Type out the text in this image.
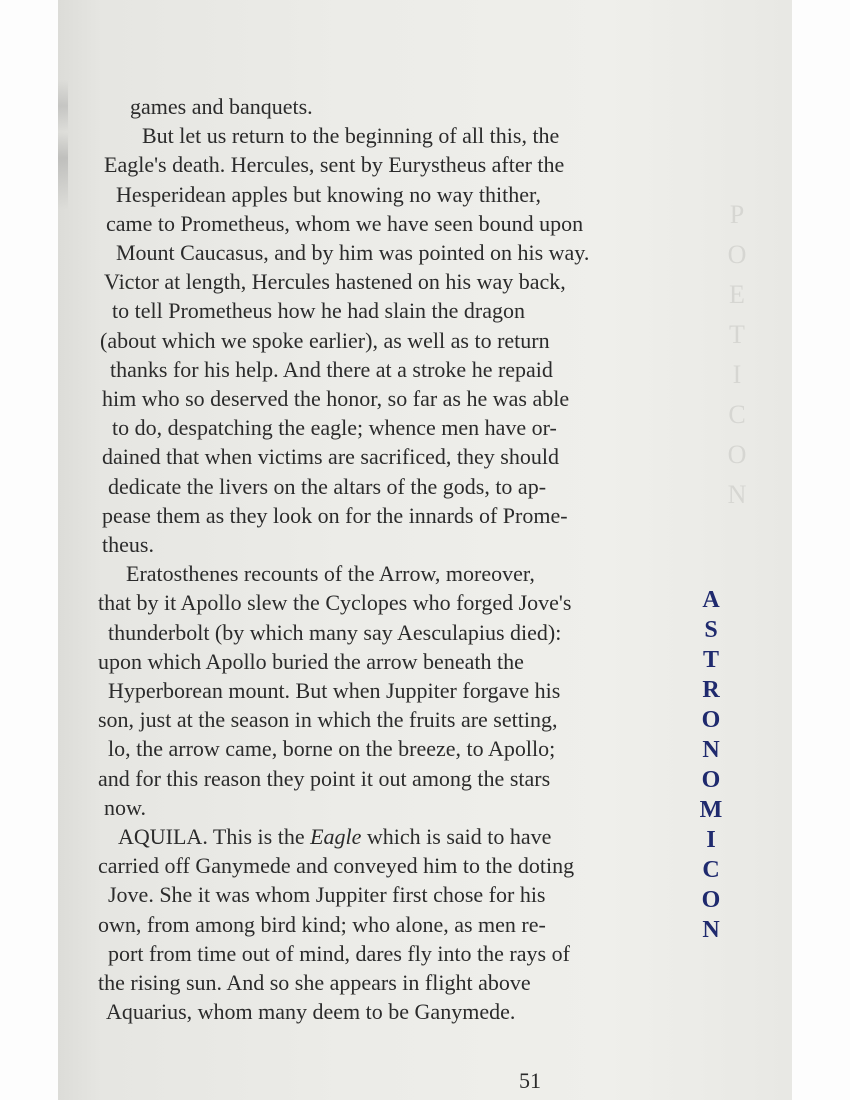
P
O
E
T
I
C
O
N
games and banquets.
But let us return to the beginning of all this, the
Eagle's death. Hercules, sent by Eurystheus after the
Hesperidean apples but knowing no way thither,
came to Prometheus, whom we have seen bound upon
Mount Caucasus, and by him was pointed on his way.
Victor at length, Hercules hastened on his way back,
to tell Prometheus how he had slain the dragon
(about which we spoke earlier), as well as to return
thanks for his help. And there at a stroke he repaid
him who so deserved the honor, so far as he was able
to do, despatching the eagle; whence men have or-
dained that when victims are sacrificed, they should
dedicate the livers on the altars of the gods, to ap-
pease them as they look on for the innards of Prome-
theus.
Eratosthenes recounts of the Arrow, moreover,
that by it Apollo slew the Cyclopes who forged Jove's
thunderbolt (by which many say Aesculapius died):
upon which Apollo buried the arrow beneath the
Hyperborean mount. But when Juppiter forgave his
son, just at the season in which the fruits are setting,
lo, the arrow came, borne on the breeze, to Apollo;
and for this reason they point it out among the stars
now.
AQUILA. This is the Eagle which is said to have
carried off Ganymede and conveyed him to the doting
Jove. She it was whom Juppiter first chose for his
own, from among bird kind; who alone, as men re-
port from time out of mind, dares fly into the rays of
the rising sun. And so she appears in flight above
Aquarius, whom many deem to be Ganymede.
A
S
T
R
O
N
O
M
I
C
O
N
51
